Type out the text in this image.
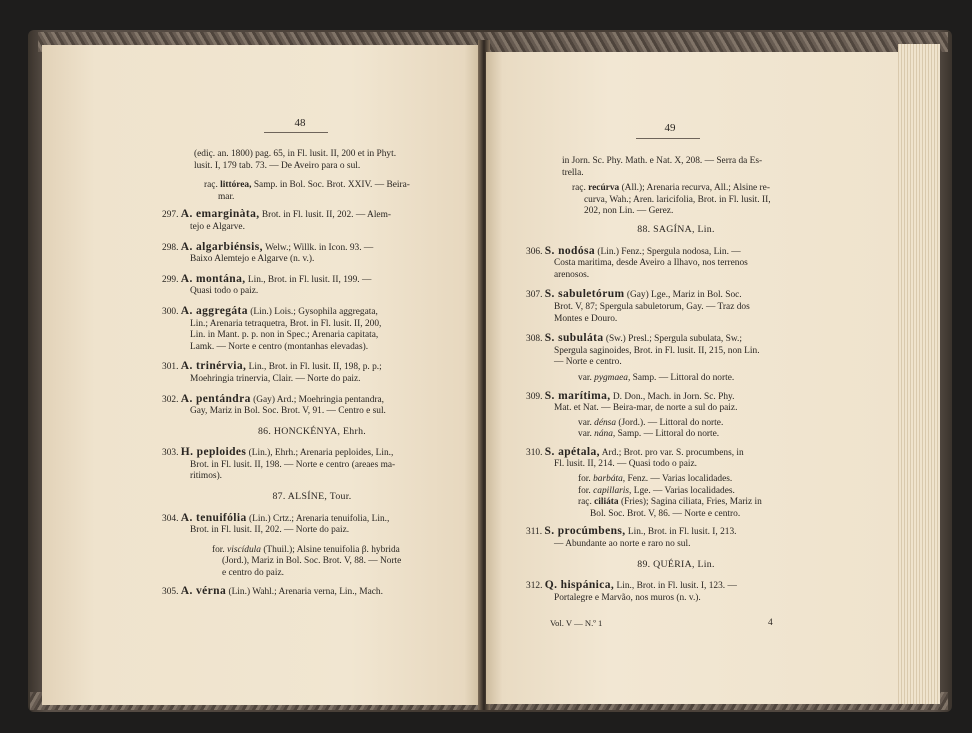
48
(ediç. an. 1800) pag. 65, in Fl. lusit. II, 200 et in Phyt.
lusit. I, 179 tab. 73. — De Aveiro para o sul.
raç. littórea, Samp. in Bol. Soc. Brot. XXIV. — Beira-
mar.
297. A. emarginàta, Brot. in Fl. lusit. II, 202. — Alem-
tejo e Algarve.
298. A. algarbiénsis, Welw.; Willk. in Icon. 93. —
Baixo Alemtejo e Algarve (n. v.).
299. A. montána, Lin., Brot. in Fl. lusit. II, 199. —
Quasi todo o paiz.
300. A. aggregáta (Lin.) Lois.; Gysophila aggregata,
Lin.; Arenaria tetraquetra, Brot. in Fl. lusit. II, 200,
Lin. in Mant. p. p. non in Spec.; Arenaria capitata,
Lamk. — Norte e centro (montanhas elevadas).
301. A. trinérvia, Lin., Brot. in Fl. lusit. II, 198, p. p.;
Moehringia trinervia, Clair. — Norte do paiz.
302. A. pentándra (Gay) Ard.; Moehringia pentandra,
Gay, Mariz in Bol. Soc. Brot. V, 91. — Centro e sul.
86. HONCKÉNYA, Ehrh.
303. H. peploides (Lin.), Ehrh.; Arenaria peploides, Lin.,
Brot. in Fl. lusit. II, 198. — Norte e centro (areaes ma-
ritimos).
87. ALSÍNE, Tour.
304. A. tenuifólia (Lin.) Crtz.; Arenaria tenuifolia, Lin.,
Brot. in Fl. lusit. II, 202. — Norte do paiz.
for. viscídula (Thuil.); Alsine tenuifolia β. hybrida
(Jord.), Mariz in Bol. Soc. Brot. V, 88. — Norte
e centro do paiz.
305. A. vérna (Lin.) Wahl.; Arenaria verna, Lin., Mach.
49
in Jorn. Sc. Phy. Math. e Nat. X, 208. — Serra da Es-
trella.
raç. recúrva (All.); Arenaria recurva, All.; Alsine re-
curva, Wah.; Aren. laricifolia, Brot. in Fl. lusit. II,
202, non Lin. — Gerez.
88. SAGÍNA, Lin.
306. S. nodósa (Lin.) Fenz.; Spergula nodosa, Lin. —
Costa maritima, desde Aveiro a Ilhavo, nos terrenos
arenosos.
307. S. sabuletórum (Gay) Lge., Mariz in Bol. Soc.
Brot. V, 87; Spergula sabuletorum, Gay. — Traz dos
Montes e Douro.
308. S. subuláta (Sw.) Presl.; Spergula subulata, Sw.;
Spergula saginoides, Brot. in Fl. lusit. II, 215, non Lin.
— Norte e centro.
var. pygmaea, Samp. — Littoral do norte.
309. S. marítima, D. Don., Mach. in Jorn. Sc. Phy.
Mat. et Nat. — Beira-mar, de norte a sul do paiz.
var. dénsa (Jord.). — Littoral do norte.
var. nána, Samp. — Littoral do norte.
310. S. apétala, Ard.; Brot. pro var. S. procumbens, in
Fl. lusit. II, 214. — Quasi todo o paiz.
for. barbáta, Fenz. — Varias localidades.
for. capillaris, Lge. — Varias localidades.
raç. ciliáta (Fries); Sagina ciliata, Fries, Mariz in
Bol. Soc. Brot. V, 86. — Norte e centro.
311. S. procúmbens, Lin., Brot. in Fl. lusit. I, 213.
— Abundante ao norte e raro no sul.
89. QUÉRIA, Lin.
312. Q. hispánica, Lin., Brot. in Fl. lusit. I, 123. —
Portalegre e Marvão, nos muros (n. v.).
Vol. V — N.º 1	4
